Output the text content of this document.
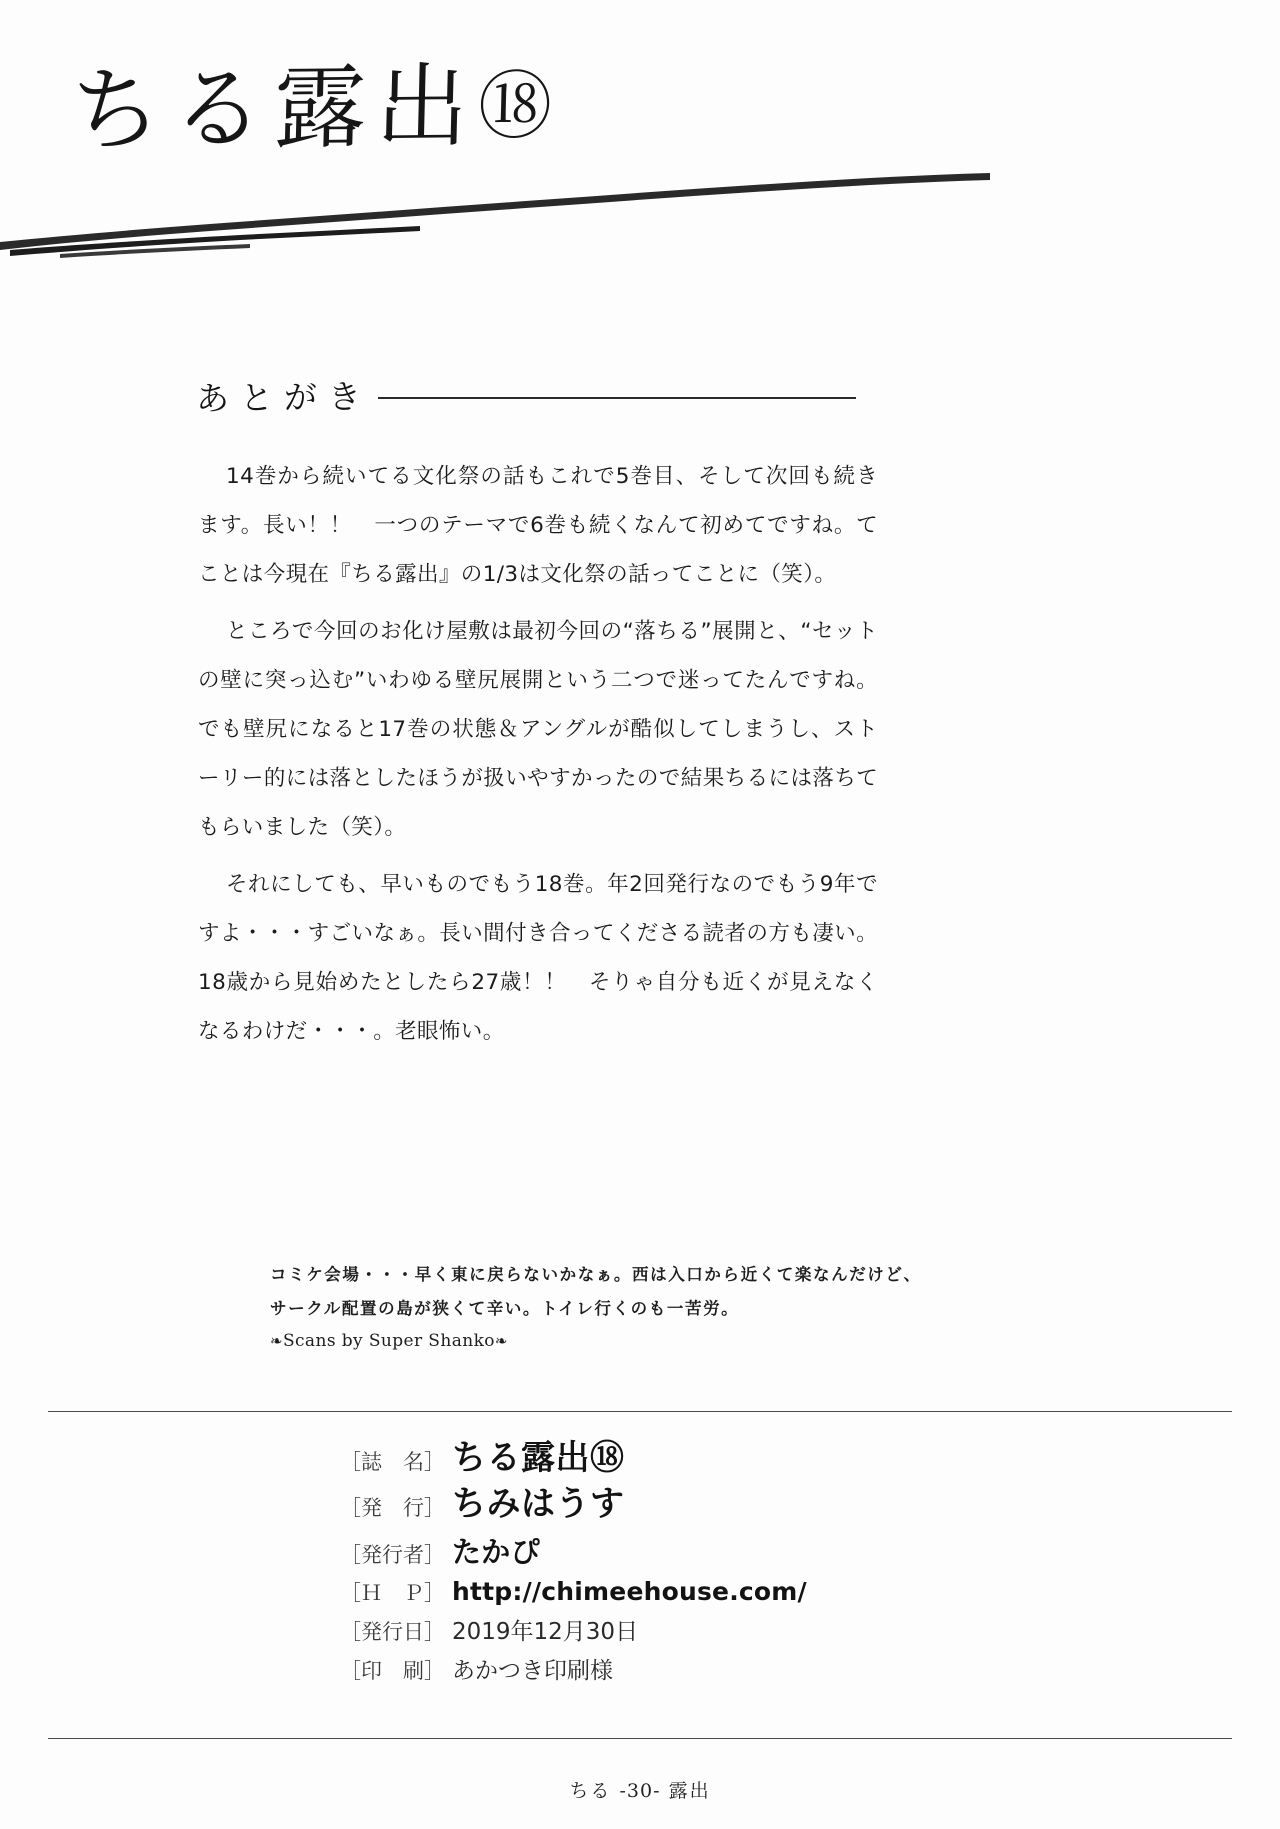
ちる露出⑱
あとがき

14巻から続いてる文化祭の話もこれで5巻目、そして次回も続きます。長い！！　一つのテーマで6巻も続くなんて初めてですね。てことは今現在『ちる露出』の1/3は文化祭の話ってことに（笑）。

ところで今回のお化け屋敷は最初今回の“落ちる”展開と、“セットの壁に突っ込む”いわゆる壁尻展開という二つで迷ってたんですね。でも壁尻になると17巻の状態＆アングルが酷似してしまうし、ストーリー的には落としたほうが扱いやすかったので結果ちるには落ちてもらいました（笑）。

それにしても、早いものでもう18巻。年2回発行なのでもう9年ですよ・・・すごいなぁ。長い間付き合ってくださる読者の方も凄い。18歳から見始めたとしたら27歳！！　そりゃ自分も近くが見えなくなるわけだ・・・。老眼怖い。

コミケ会場・・・早く東に戻らないかなぁ。西は入口から近くて楽なんだけど、
サークル配置の島が狭くて辛い。トイレ行くのも一苦労。
❧Scans by Super Shanko❧
［誌　名］ ちる露出⑱
［発　行］ ちみはうす
［発行者］ たかぴ
［Ｈ　Ｐ］ http://chimeehouse.com/
［発行日］ 2019年12月30日
［印　刷］ あかつき印刷様
ちる -30- 露出
